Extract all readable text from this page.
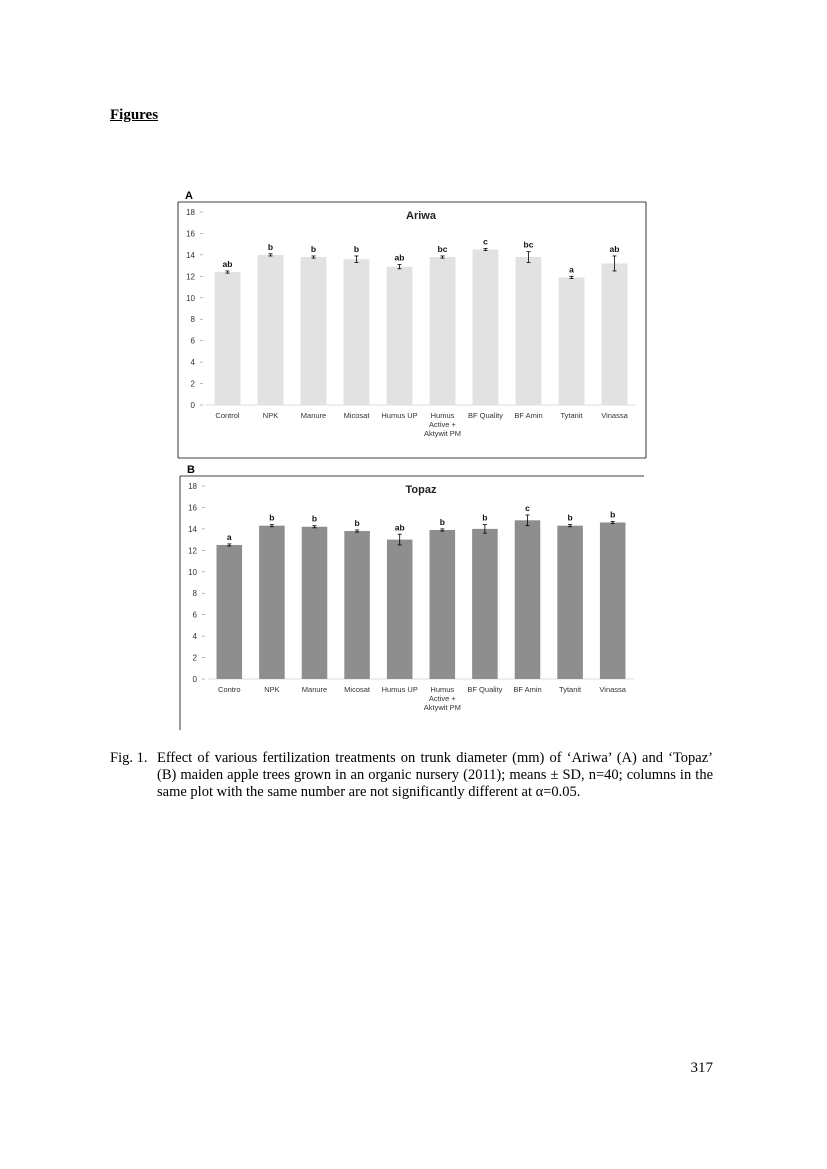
Figures
A
0
2
4
6
8
10
12
14
16
18	Ariwa
ab
Control
b
NPK
b
Manure
b
Micosat
ab
Humus UP
bc
Humus
Active +
Aktywit PM
c
BF Quality
bc
BF Amin
a
Tytanit
ab
Vinassa
B
0
2
4
6
8
10
12
14
16
18	Topaz
a
Contro
b
NPK
b
Manure
b
Micosat
ab
Humus UP
b
Humus
Active +
Aktywit PM
b
BF Quality
c
BF Amin
b
Tytanit
b
Vinassa
Fig. 1. Effect of various fertilization treatments on trunk diameter (mm) of ‘Ariwa’ (A) and ‘Topaz’ (B) maiden apple trees grown in an organic nursery (2011); means ± SD, n=40; columns in the same plot with the same number are not significantly different at α=0.05.
317
